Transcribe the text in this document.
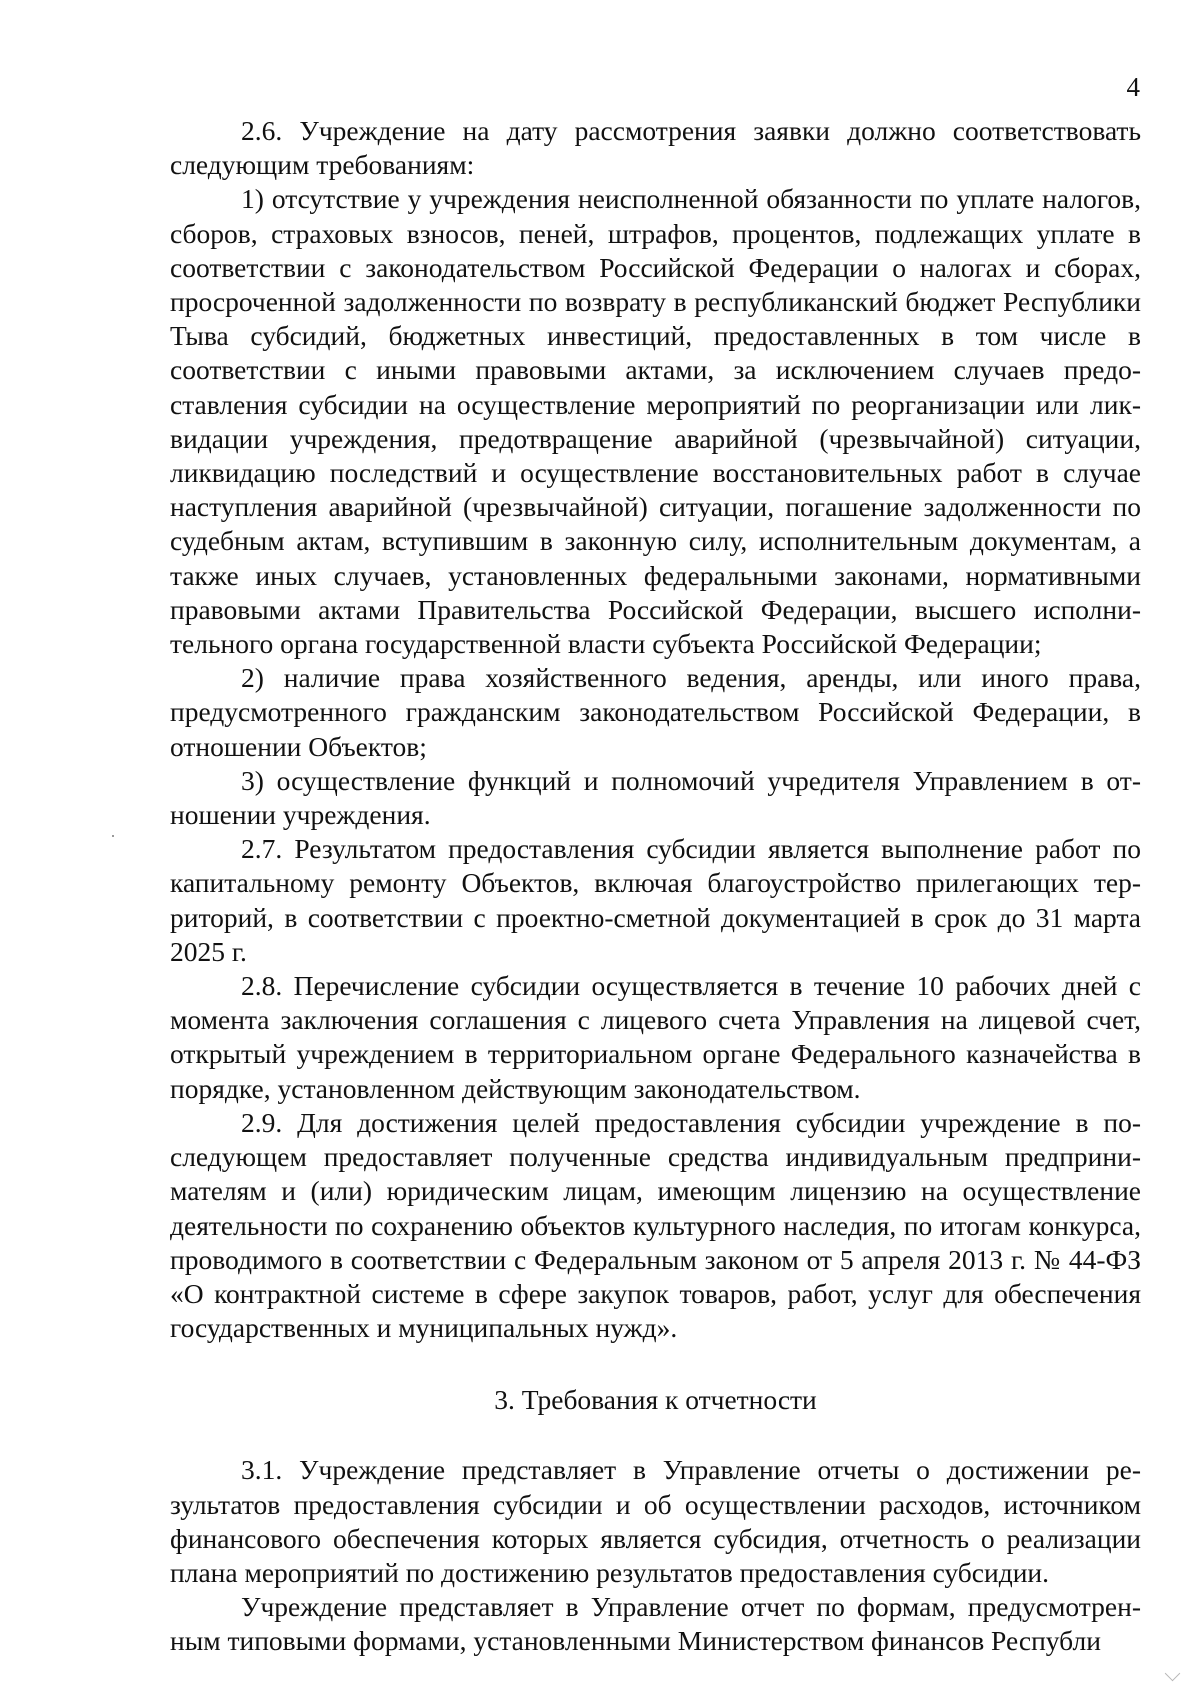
4

2.6. Учреждение на дату рассмотрения заявки должно соответствовать следующим требованиям:

1) отсутствие у учреждения неисполненной обязанности по уплате налогов, сборов, страховых взносов, пеней, штрафов, процентов, подлежащих уплате в соответствии с законодательством Российской Федерации о налогах и сборах, просроченной задолженности по возврату в республиканский бюджет Республики Тыва субсидий, бюджетных инвестиций, предоставленных в том числе в соответствии с иными правовыми актами, за исключением случаев предоставления субсидии на осуществление мероприятий по реорганизации или ликвидации учреждения, предотвращение аварийной (чрезвычайной) ситуации, ликвидацию последствий и осуществление восстановительных работ в случае наступления аварийной (чрезвычайной) ситуации, погашение задолженности по судебным актам, вступившим в законную силу, исполнительным документам, а также иных случаев, установленных федеральными законами, нормативными правовыми актами Правительства Российской Федерации, высшего исполнительного органа государственной власти субъекта Российской Федерации;

2) наличие права хозяйственного ведения, аренды, или иного права, предусмотренного гражданским законодательством Российской Федерации, в отношении Объектов;

3) осуществление функций и полномочий учредителя Управлением в отношении учреждения.

2.7. Результатом предоставления субсидии является выполнение работ по капитальному ремонту Объектов, включая благоустройство прилегающих территорий, в соответствии с проектно-сметной документацией в срок до 31 марта 2025 г.

2.8. Перечисление субсидии осуществляется в течение 10 рабочих дней с момента заключения соглашения с лицевого счета Управления на лицевой счет, открытый учреждением в территориальном органе Федерального казначейства в порядке, установленном действующим законодательством.

2.9. Для достижения целей предоставления субсидии учреждение в последующем предоставляет полученные средства индивидуальным предпринимателям и (или) юридическим лицам, имеющим лицензию на осуществление деятельности по сохранению объектов культурного наследия, по итогам конкурса, проводимого в соответствии с Федеральным законом от 5 апреля 2013 г. № 44-ФЗ «О контрактной системе в сфере закупок товаров, работ, услуг для обеспечения государственных и муниципальных нужд».

3. Требования к отчетности

3.1. Учреждение представляет в Управление отчеты о достижении результатов предоставления субсидии и об осуществлении расходов, источником финансового обеспечения которых является субсидия, отчетность о реализации плана мероприятий по достижению результатов предоставления субсидии.

Учреждение представляет в Управление отчет по формам, предусмотренным типовыми формами, установленными Министерством финансов Республи
